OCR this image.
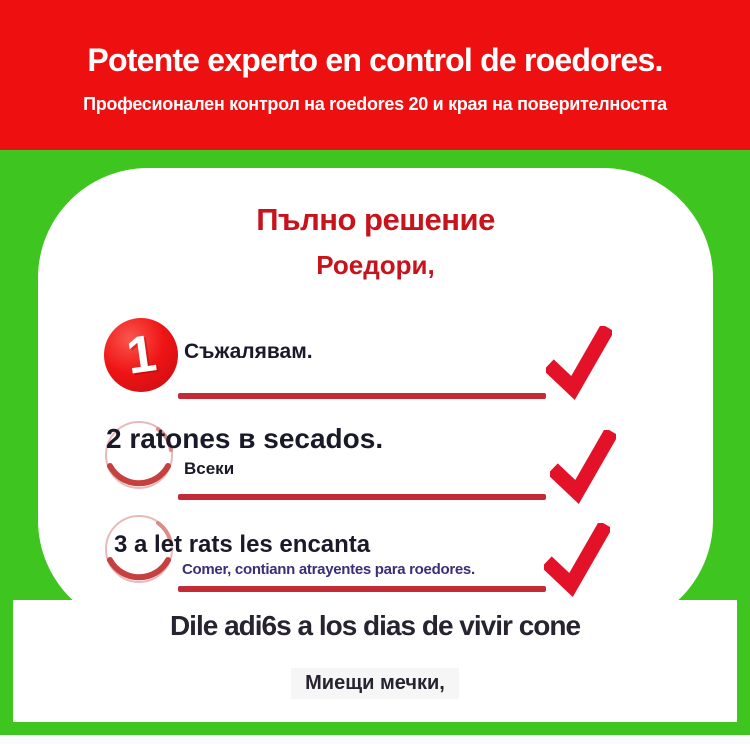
Potente experto en control de roedores.
Професионален контрол на roedores 20 и края на поверителността
Пълно решение
Роедори,
1 Съжалявам.
2 ratones в secados.
Всеки
3 a let rats les encanta
Comer, contiann atrayentes para roedores.
Dile adi6s a los dias de vivir cone
Миещи мечки,
